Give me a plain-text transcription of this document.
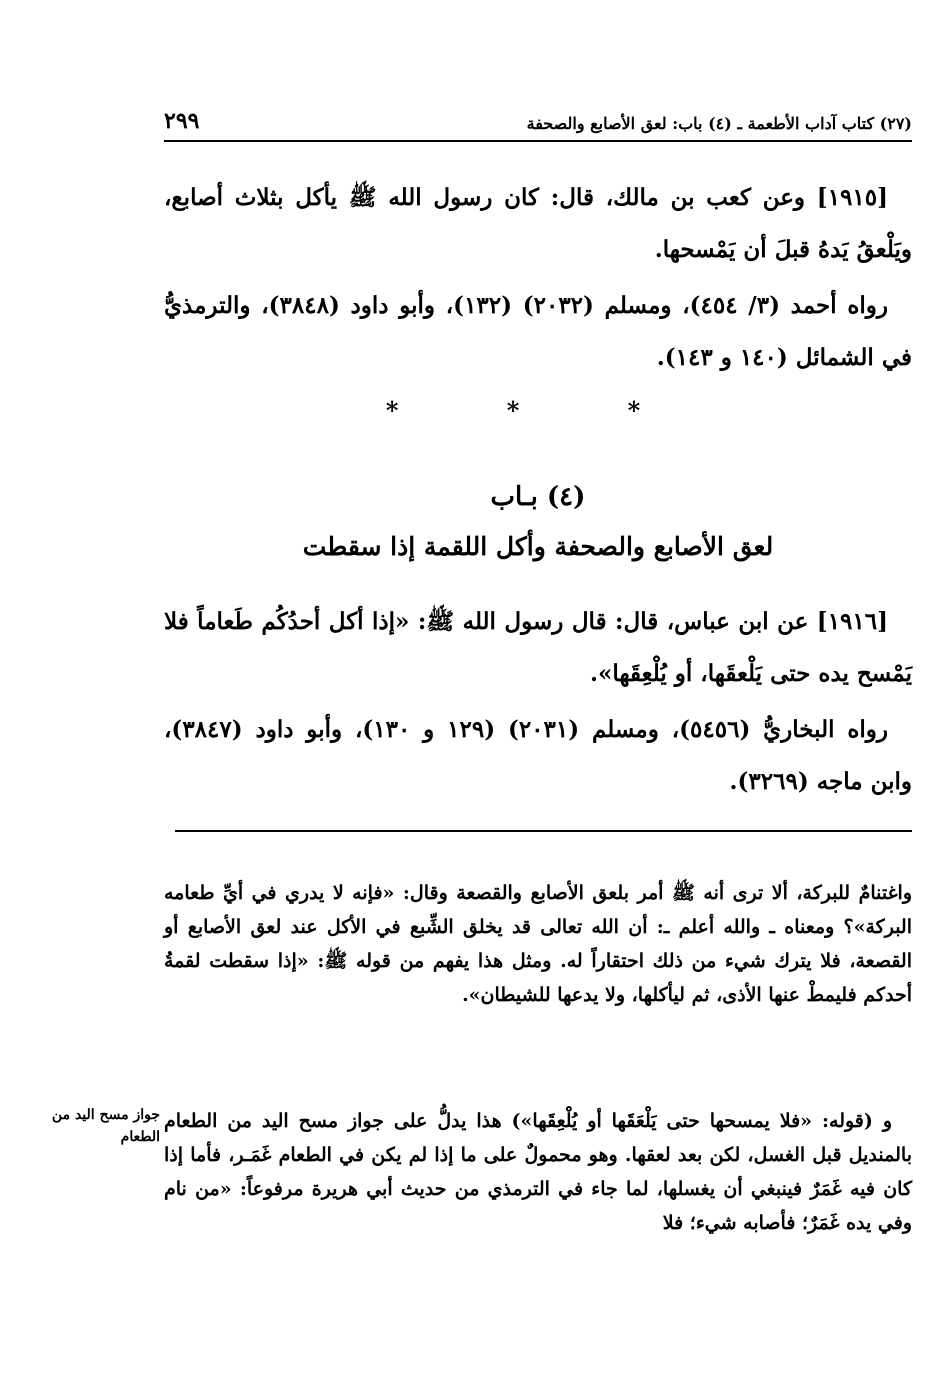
(٢٧) كتاب آداب الأطعمة ـ (٤) باب: لعق الأصابع والصحفة
٢٩٩
[١٩١٥] وعن كعب بن مالك، قال: كان رسول الله ﷺ يأكل بثلاث أصابع، ويَلْعقُ يَدهُ قبلَ أن يَمْسحها.
رواه أحمد (٣/ ٤٥٤)، ومسلم (٢٠٣٢) (١٣٢)، وأبو داود (٣٨٤٨)، والترمذيُّ في الشمائل (١٤٠ و ١٤٣).
* * *
(٤) بـاب
لعق الأصابع والصحفة وأكل اللقمة إذا سقطت
[١٩١٦] عن ابن عباس، قال: قال رسول الله ﷺ: «إذا أكل أحدُكُم طَعاماً فلا يَمْسح يده حتى يَلْعقَها، أو يُلْعِقَها».
رواه البخاريُّ (٥٤٥٦)، ومسلم (٢٠٣١) (١٢٩ و ١٣٠)، وأبو داود (٣٨٤٧)، وابن ماجه (٣٢٦٩).
واغتنامٌ للبركة، ألا ترى أنه ﷺ أمر بلعق الأصابع والقصعة وقال: «فإنه لا يدري في أيِّ طعامه البركة»؟ ومعناه ـ والله أعلم ـ: أن الله تعالى قد يخلق الشِّبع في الأكل عند لعق الأصابع أو القصعة، فلا يترك شيء من ذلك احتقاراً له. ومثل هذا يفهم من قوله ﷺ: «إذا سقطت لقمةُ أحدكم فليمطْ عنها الأذى، ثم ليأكلها، ولا يدعها للشيطان».
و (قوله: «فلا يمسحها حتى يَلْعَقَها أو يُلْعِقَها») هذا يدلُّ على جواز مسح اليد من الطعام بالمنديل قبل الغسل، لكن بعد لعقها. وهو محمولٌ على ما إذا لم يكن في الطعام غَمَـر، فأما إذا كان فيه غَمَرٌ فينبغي أن يغسلها، لما جاء في الترمذي من حديث أبي هريرة مرفوعاً: «من نام وفي يده غَمَرٌ؛ فأصابه شيء؛ فلا
جواز مسح اليد من الطعام
